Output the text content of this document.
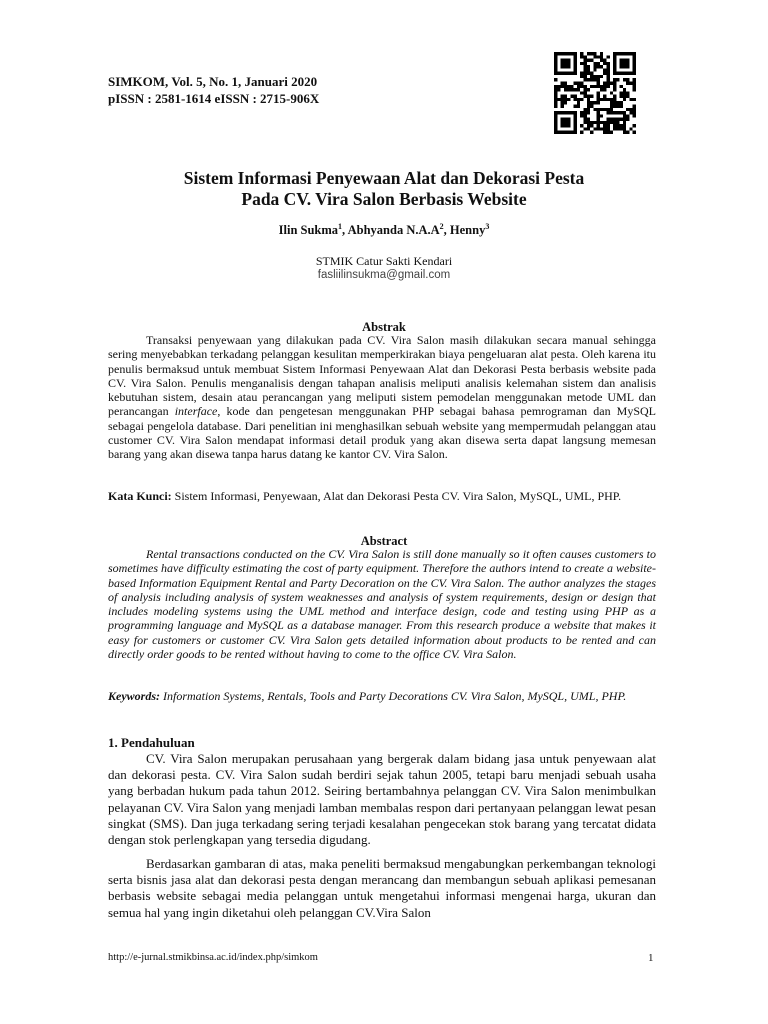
SIMKOM, Vol. 5, No. 1, Januari 2020
pISSN : 2581-1614 eISSN : 2715-906X
Sistem Informasi Penyewaan Alat dan Dekorasi Pesta
Pada CV. Vira Salon Berbasis Website
Ilin Sukma$^1$, Abhyanda $N.A.A^2$, Henny$^3$
STMIK Catur Sakti Kendari
fasliilinsukma@gmail.com
Abstrak
Transaksi penyewaan yang dilakukan pada CV. Vira Salon masih dilakukan secara manual sehingga sering menyebabkan terkadang pelanggan kesulitan memperkirakan biaya pengeluaran alat pesta. Oleh karena itu penulis bermaksud untuk membuat Sistem Informasi Penyewaan Alat dan Dekorasi Pesta berbasis website pada CV. Vira Salon. Penulis menganalisis dengan tahapan analisis meliputi analisis kelemahan sistem dan analisis kebutuhan sistem, desain atau perancangan yang meliputi sistem pemodelan menggunakan metode UML dan perancangan interface, kode dan pengetesan menggunakan PHP sebagai bahasa pemrograman dan MySQL sebagai pengelola database. Dari penelitian ini menghasilkan sebuah website yang mempermudah pelanggan atau customer CV. Vira Salon mendapat informasi detail produk yang akan disewa serta dapat langsung memesan barang yang akan disewa tanpa harus datang ke kantor CV. Vira Salon.
Kata Kunci: Sistem Informasi, Penyewaan, Alat dan Dekorasi Pesta CV. Vira Salon, MySQL, UML, PHP.
Abstract
Rental transactions conducted on the CV. Vira Salon is still done manually so it often causes customers to sometimes have difficulty estimating the cost of party equipment. Therefore the authors intend to create a website-based Information Equipment Rental and Party Decoration on the CV. Vira Salon. The author analyzes the stages of analysis including analysis of system weaknesses and analysis of system requirements, design or design that includes modeling systems using the UML method and interface design, code and testing using PHP as a programming language and MySQL as a database manager. From this research produce a website that makes it easy for customers or customer CV. Vira Salon gets detailed information about products to be rented and can directly order goods to be rented without having to come to the office CV. Vira Salon.
Keywords: Information Systems, Rentals, Tools and Party Decorations CV. Vira Salon, MySQL, UML, PHP.
1. Pendahuluan
CV. Vira Salon merupakan perusahaan yang bergerak dalam bidang jasa untuk penyewaan alat dan dekorasi pesta. CV. Vira Salon sudah berdiri sejak tahun 2005, tetapi baru menjadi sebuah usaha yang berbadan hukum pada tahun 2012. Seiring bertambahnya pelanggan CV. Vira Salon menimbulkan pelayanan CV. Vira Salon yang menjadi lamban membalas respon dari pertanyaan pelanggan lewat pesan singkat (SMS). Dan juga terkadang sering terjadi kesalahan pengecekan stok barang yang tercatat didata dengan stok perlengkapan yang tersedia digudang.
Berdasarkan gambaran di atas, maka peneliti bermaksud mengabungkan perkembangan teknologi serta bisnis jasa alat dan dekorasi pesta dengan merancang dan membangun sebuah aplikasi pemesanan berbasis website sebagai media pelanggan untuk mengetahui informasi mengenai harga, ukuran dan semua hal yang ingin diketahui oleh pelanggan CV.Vira Salon
http://e-jurnal.stmikbinsa.ac.id/index.php/simkom	1
